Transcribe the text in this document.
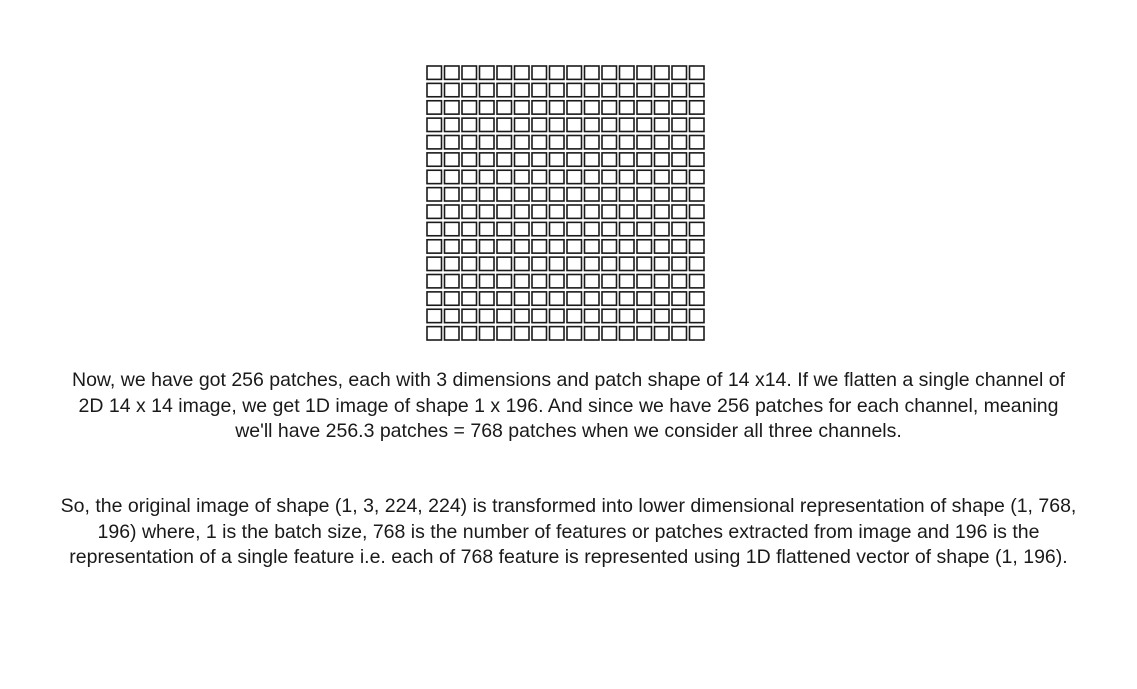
Now, we have got 256 patches, each with 3 dimensions and patch shape of 14 x14. If we flatten a single channel of 2D 14 x 14 image, we get 1D image of shape 1 x 196. And since we have 256 patches for each channel, meaning we'll have 256.3 patches = 768 patches when we consider all three channels.

So, the original image of shape (1, 3, 224, 224) is transformed into lower dimensional representation of shape (1, 768, 196) where, 1 is the batch size, 768 is the number of features or patches extracted from image and 196 is the representation of a single feature i.e. each of 768 feature is represented using 1D flattened vector of shape (1, 196).
